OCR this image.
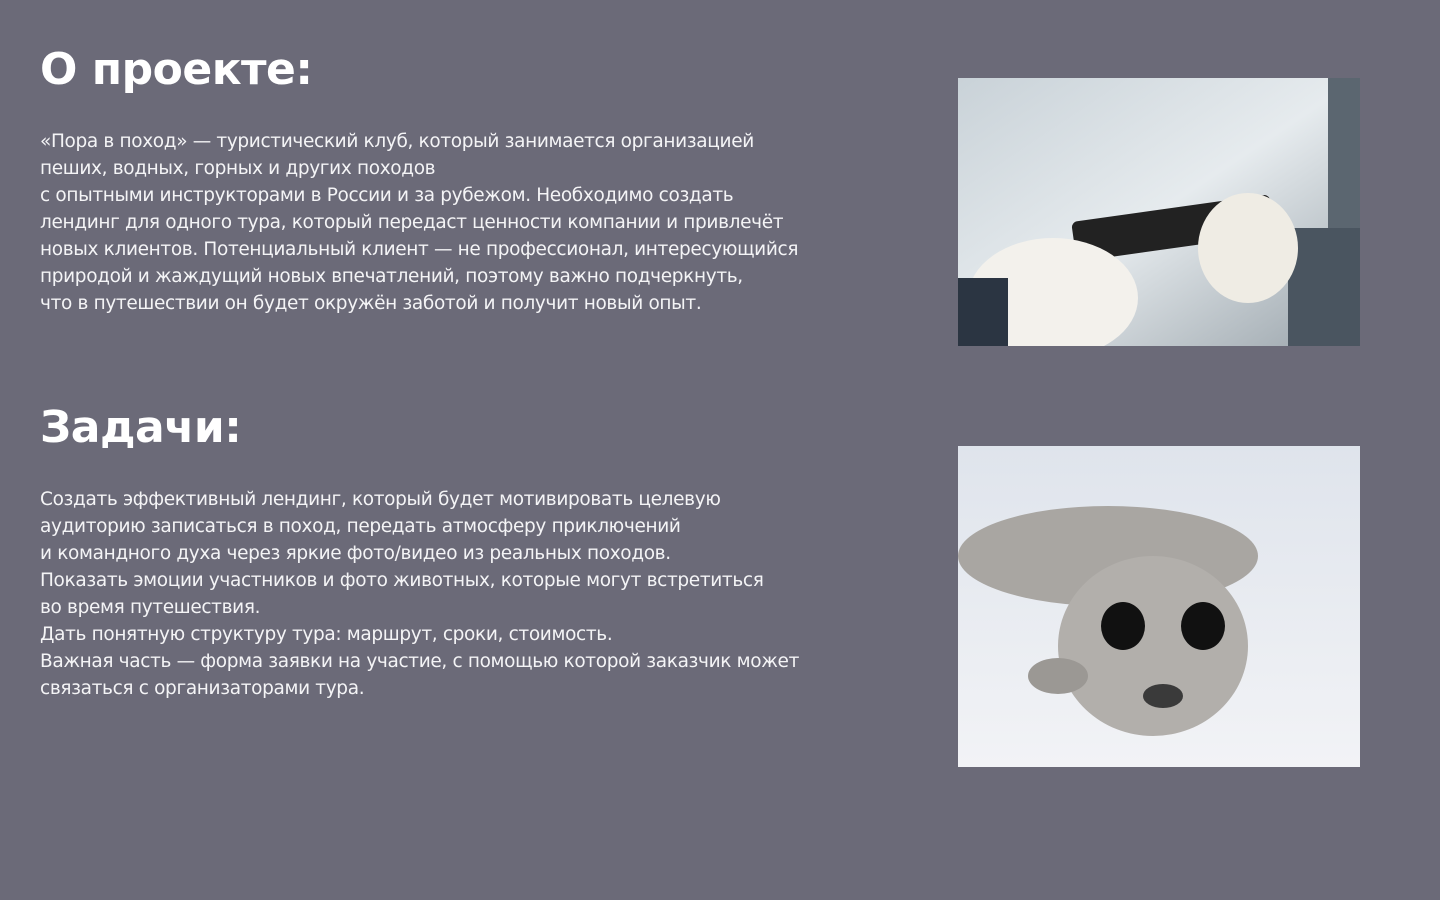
О проекте:
«Пора в поход» — туристический клуб, который занимается организацией
пеших, водных, горных и других походов
с опытными инструкторами в России и за рубежом. Необходимо создать
лендинг для одного тура, который передаст ценности компании и привлечёт
новых клиентов. Потенциальный клиент — не профессионал, интересующийся
природой и жаждущий новых впечатлений, поэтому важно подчеркнуть,
что в путешествии он будет окружён заботой и получит новый опыт.
Задачи:
Создать эффективный лендинг, который будет мотивировать целевую
аудиторию записаться в поход, передать атмосферу приключений
и командного духа через яркие фото/видео из реальных походов.
Показать эмоции участников и фото животных, которые могут встретиться
во время путешествия.
Дать понятную структуру тура: маршрут, сроки, стоимость.
Важная часть — форма заявки на участие, с помощью которой заказчик может
связаться с организаторами тура.
